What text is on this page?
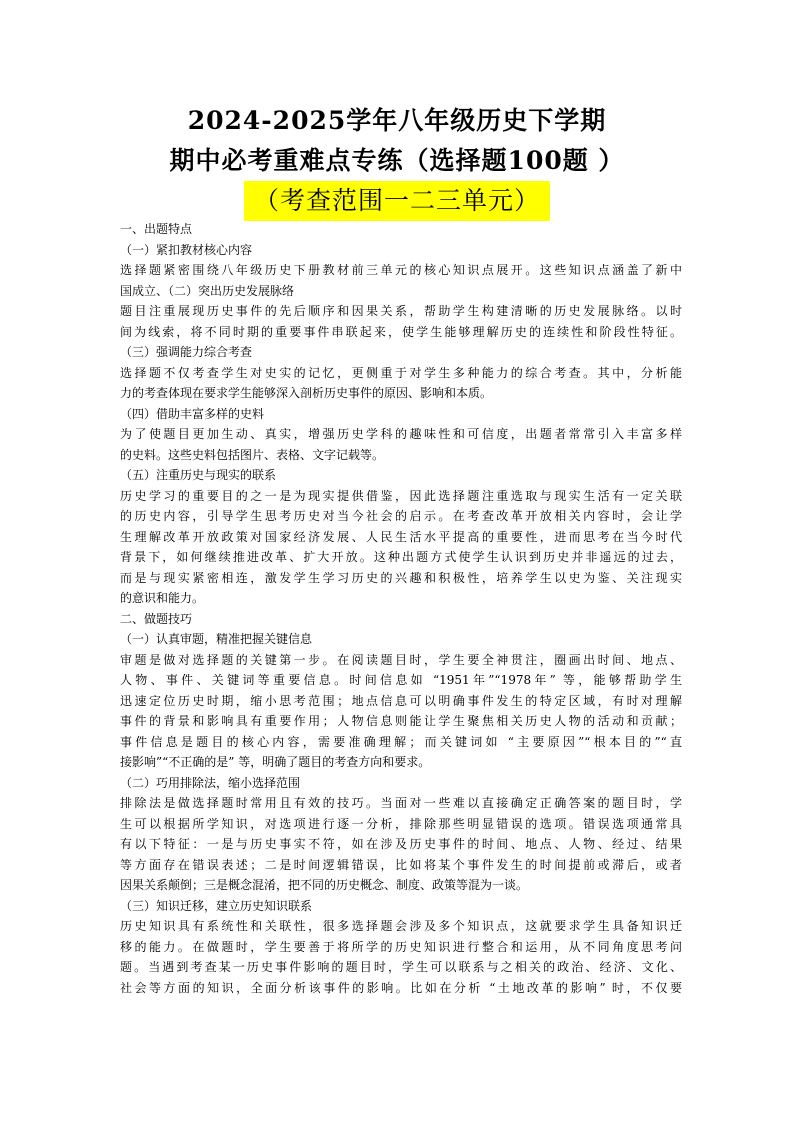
2024-2025学年八年级历史下学期
期中必考重难点专练（选择题100题 ）
（考查范围一二三单元）
一、出题特点
（一）紧扣教材核心内容
选择题紧密围绕八年级历史下册教材前三单元的核心知识点展开。这些知识点涵盖了新中
国成立、（二）突出历史发展脉络
题目注重展现历史事件的先后顺序和因果关系，帮助学生构建清晰的历史发展脉络。以时
间为线索，将不同时期的重要事件串联起来，使学生能够理解历史的连续性和阶段性特征。
（三）强调能力综合考查
选择题不仅考查学生对史实的记忆，更侧重于对学生多种能力的综合考查。其中，分析能
力的考查体现在要求学生能够深入剖析历史事件的原因、影响和本质。
（四）借助丰富多样的史料
为了使题目更加生动、真实，增强历史学科的趣味性和可信度，出题者常常引入丰富多样
的史料。这些史料包括图片、表格、文字记载等。
（五）注重历史与现实的联系
历史学习的重要目的之一是为现实提供借鉴，因此选择题注重选取与现实生活有一定关联
的历史内容，引导学生思考历史对当今社会的启示。在考查改革开放相关内容时，会让学
生理解改革开放政策对国家经济发展、人民生活水平提高的重要性，进而思考在当今时代
背景下，如何继续推进改革、扩大开放。这种出题方式使学生认识到历史并非遥远的过去，
而是与现实紧密相连，激发学生学习历史的兴趣和积极性，培养学生以史为鉴、关注现实
的意识和能力。
二、做题技巧
（一）认真审题，精准把握关键信息
审题是做对选择题的关键第一步。在阅读题目时，学生要全神贯注，圈画出时间、地点、
人物、事件、关键词等重要信息。时间信息如 “1951年”“1978年” 等，能够帮助学生
迅速定位历史时期，缩小思考范围；地点信息可以明确事件发生的特定区域，有时对理解
事件的背景和影响具有重要作用；人物信息则能让学生聚焦相关历史人物的活动和贡献；
事件信息是题目的核心内容，需要准确理解；而关键词如 “主要原因”“根本目的”“直
接影响”“不正确的是” 等，明确了题目的考查方向和要求。
（二）巧用排除法，缩小选择范围
排除法是做选择题时常用且有效的技巧。当面对一些难以直接确定正确答案的题目时，学
生可以根据所学知识，对选项进行逐一分析，排除那些明显错误的选项。错误选项通常具
有以下特征：一是与历史事实不符，如在涉及历史事件的时间、地点、人物、经过、结果
等方面存在错误表述；二是时间逻辑错误，比如将某个事件发生的时间提前或滞后，或者
因果关系颠倒；三是概念混淆，把不同的历史概念、制度、政策等混为一谈。
（三）知识迁移，建立历史知识联系
历史知识具有系统性和关联性，很多选择题会涉及多个知识点，这就要求学生具备知识迁
移的能力。在做题时，学生要善于将所学的历史知识进行整合和运用，从不同角度思考问
题。当遇到考查某一历史事件影响的题目时，学生可以联系与之相关的政治、经济、文化、
社会等方面的知识，全面分析该事件的影响。比如在分析 “土地改革的影响” 时，不仅要
